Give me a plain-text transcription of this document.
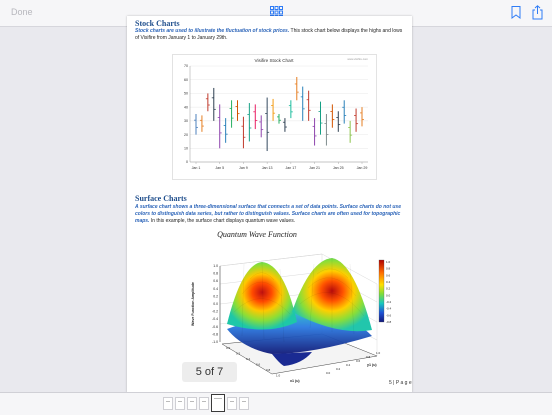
Done
Stock Charts
Stock charts are used to illustrate the fluctuation of stock prices. This stock chart below displays the highs and lows of Visifire from January 1 to January 29th.
Visifire Stock Chart	www.visifire.com
0
10
20
30
40
50
60
70
Jan 1	Jan 5	Jan 9	Jan 13	Jan 17	Jan 21	Jan 25	Jan 29
Surface Charts
A surface chart shows a three-dimensional surface that connects a set of data points. Surface charts do not use colors to distinguish data series, but rather to distinguish values. Surface charts are often used for topographic maps. In this example, the surface chart displays quantum wave values.
Quantum Wave Function
1.0
0.8
0.6
0.4
0.2
0.0
-0.2
-0.4
-0.6
-0.8
-1.0
Wave Function Amplitude
0.0
0.2
0.4
0.6
0.8
1.0
0.0
0.2
0.4
0.6
0.8
1.0
x1 (u)
y1 (u)
1.0
0.8
0.6
0.4
0.2
0.0
-0.2
-0.4
-0.6
-0.8
5 | P a g e
5 of 7
